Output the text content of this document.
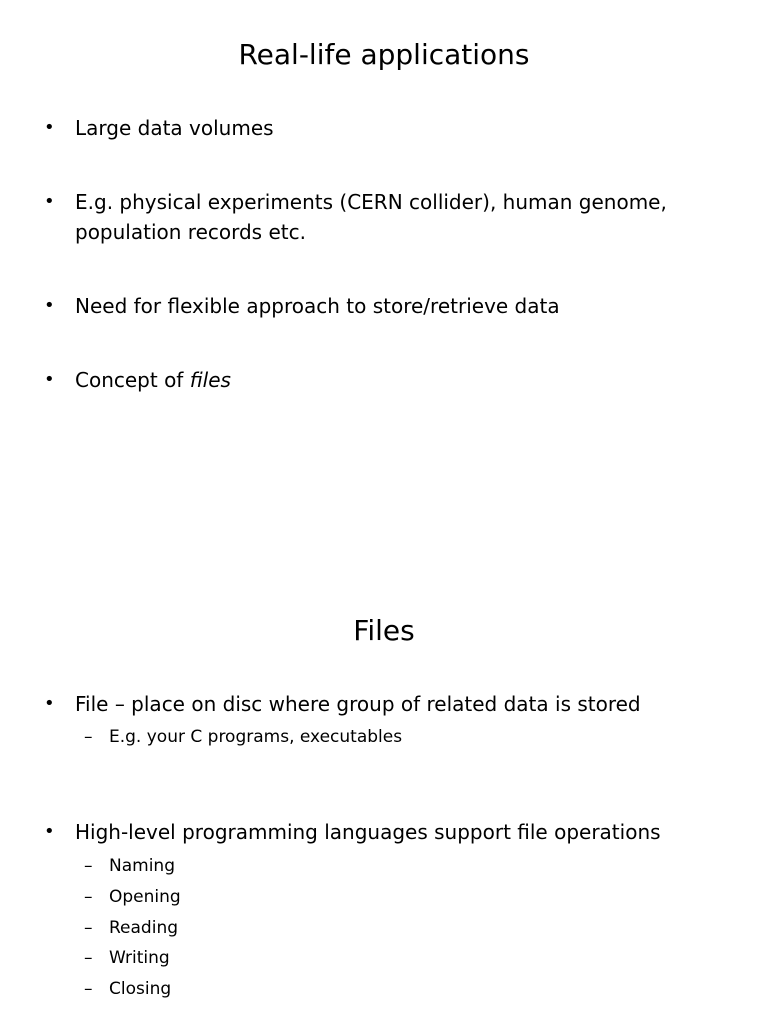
Real-life applications
• Large data volumes
• E.g. physical experiments (CERN collider), human genome,
population records etc.
• Need for flexible approach to store/retrieve data
• Concept of files
Files
• File – place on disc where group of related data is stored
– E.g. your C programs, executables
• High-level programming languages support file operations
– Naming
– Opening
– Reading
– Writing
– Closing
